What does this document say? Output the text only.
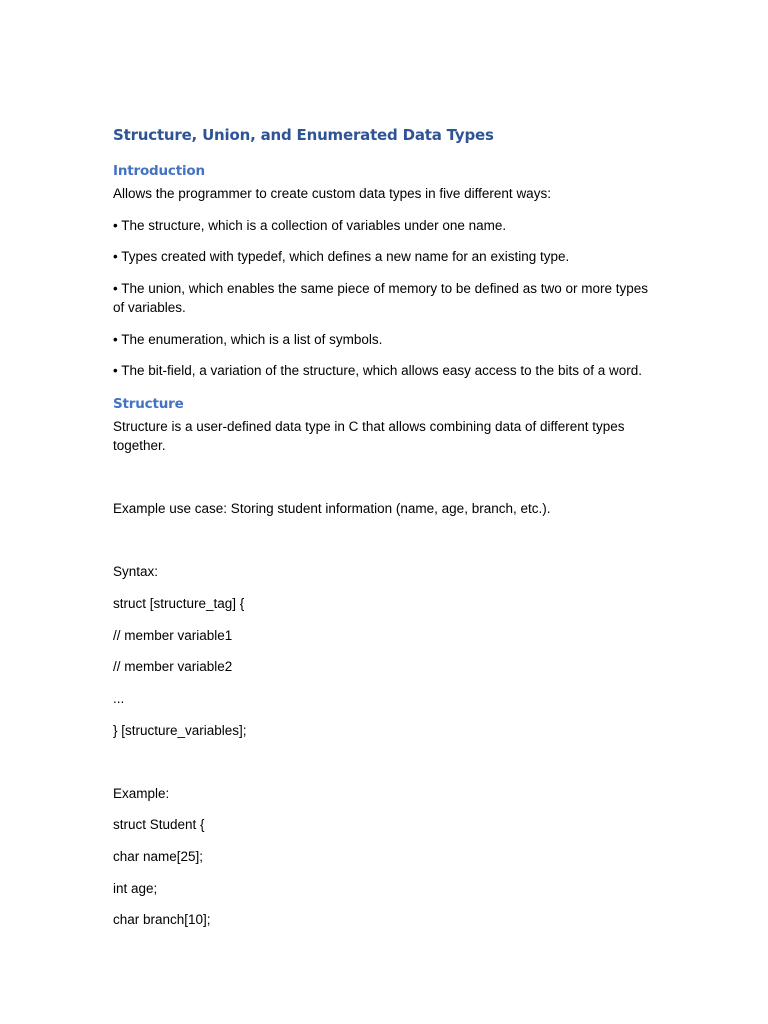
Structure, Union, and Enumerated Data Types
Introduction

Allows the programmer to create custom data types in five different ways:

• The structure, which is a collection of variables under one name.

• Types created with typedef, which defines a new name for an existing type.

• The union, which enables the same piece of memory to be defined as two or more types of variables.

• The enumeration, which is a list of symbols.

• The bit-field, a variation of the structure, which allows easy access to the bits of a word.

Structure

Structure is a user-defined data type in C that allows combining data of different types together.

Example use case: Storing student information (name, age, branch, etc.).

Syntax:

struct [structure_tag] {

// member variable1

// member variable2

...

} [structure_variables];

Example:

struct Student {

char name[25];

int age;

char branch[10];
